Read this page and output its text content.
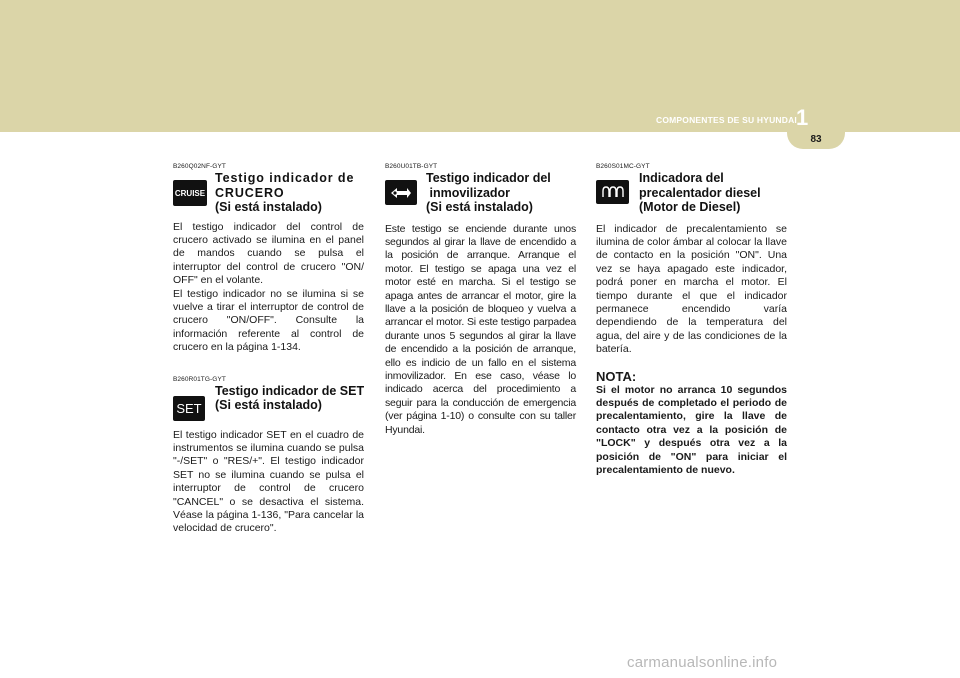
COMPONENTES DE SU HYUNDAI 1
83
B260Q02NF-GYT
CRUISE
Testigo indicador de
CRUCERO
(Si está instalado)

El testigo indicador del control de crucero activado se ilumina en el panel de mandos cuando se pulsa el interruptor del control de crucero "ON/ OFF" en el volante.

El testigo indicador no se ilumina si se vuelve a tirar el interruptor de control de crucero "ON/OFF". Consulte la información referente al control de crucero en la página 1-134.

B260R01TG-GYT
SET
Testigo indicador de SET
(Si está instalado)

El testigo indicador SET en el cuadro de instrumentos se ilumina cuando se pulsa "-/SET" o "RES/+". El testigo indicador SET no se ilumina cuando se pulsa el interruptor de control de crucero "CANCEL" o se desactiva el sistema. Véase la página 1-136, "Para cancelar la velocidad de crucero".

B260U01TB-GYT
Testigo indicador del
inmovilizador
(Si está instalado)

Este testigo se enciende durante unos segundos al girar la llave de encendido a la posición de arranque. Arranque el motor. El testigo se apaga una vez el motor esté en marcha. Si el testigo se apaga antes de arrancar el motor, gire la llave a la posición de bloqueo y vuelva a arrancar el motor. Si este testigo parpadea durante unos 5 segundos al girar la llave de encendido a la posición de arranque, ello es indicio de un fallo en el sistema inmovilizador. En ese caso, véase lo indicado acerca del procedimiento a seguir para la conducción de emergencia (ver página 1-10) o consulte con su taller Hyundai.

B260S01MC-GYT
Indicadora del
precalentador diesel
(Motor de Diesel)

El indicador de precalentamiento se ilumina de color ámbar al colocar la llave de contacto en la posición "ON". Una vez se haya apagado este indicador, podrá poner en marcha el motor. El tiempo durante el que el indicador permanece encendido varía dependiendo de la temperatura del agua, del aire y de las condiciones de la batería.

NOTA:
Si el motor no arranca 10 segundos después de completado el periodo de precalentamiento, gire la llave de contacto otra vez a la posición de "LOCK" y después otra vez a la posición de "ON" para iniciar el precalentamiento de nuevo.
carmanualsonline.info
